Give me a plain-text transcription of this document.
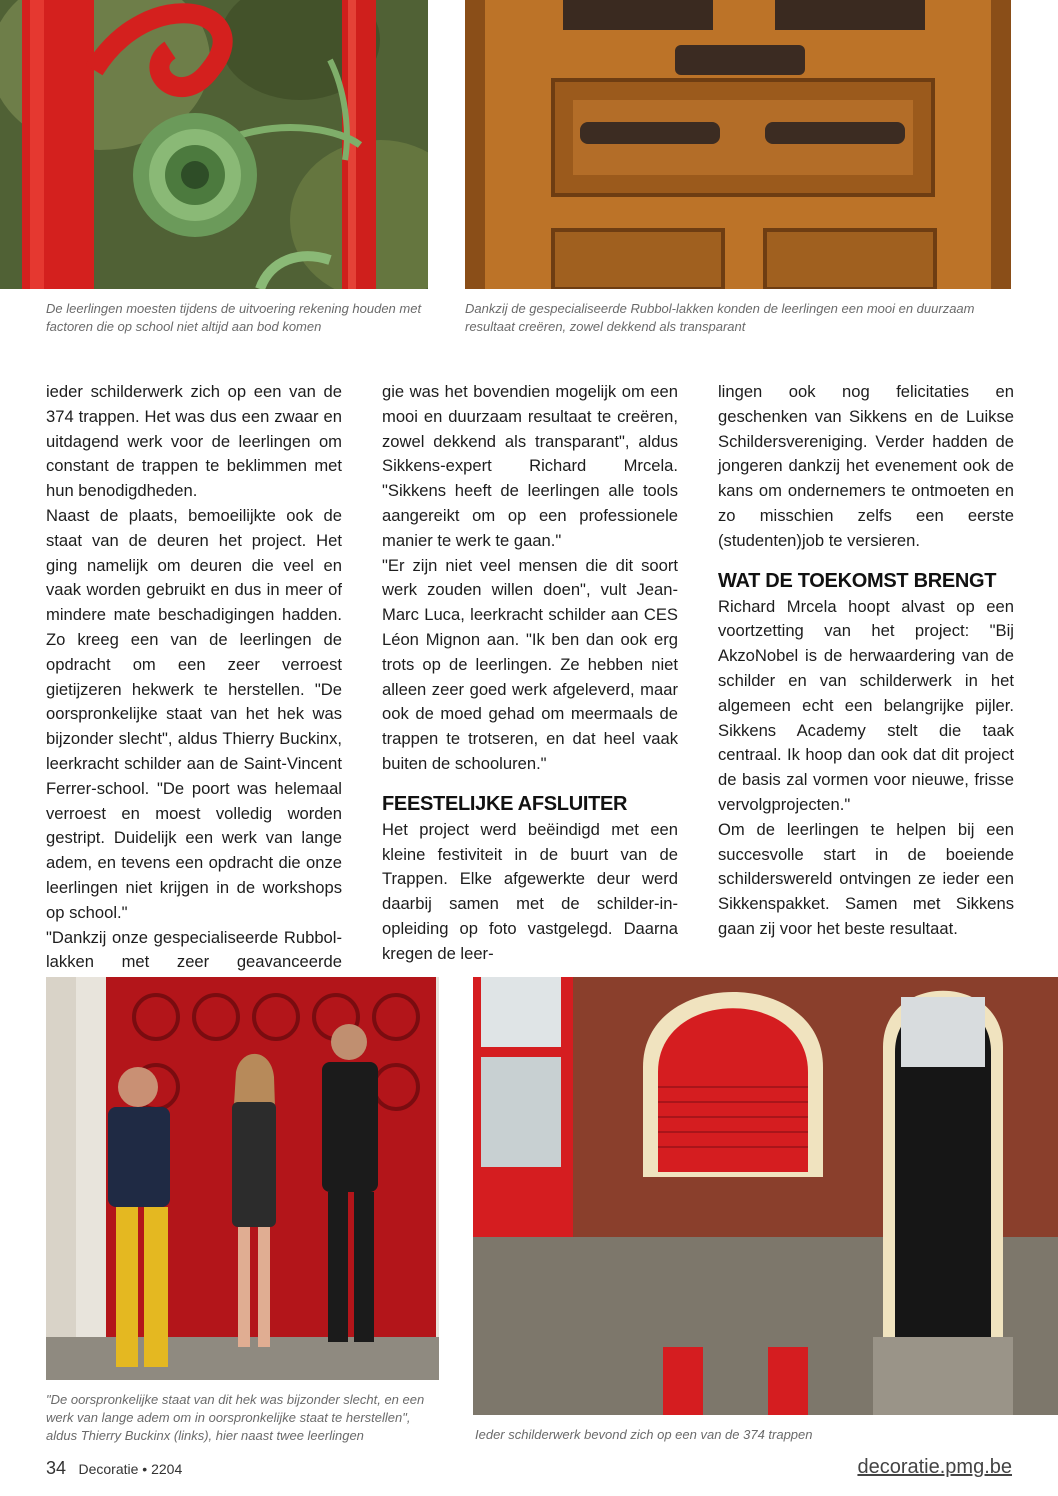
De leerlingen moesten tijdens de uitvoering rekening houden met factoren die op school niet altijd aan bod komen
Dankzij de gespecialiseerde Rubbol-lakken konden de leerlingen een mooi en duurzaam resultaat creëren, zowel dekkend als transparant

ieder schilderwerk zich op een van de 374 trappen. Het was dus een zwaar en uitdagend werk voor de leerlingen om constant de trappen te beklimmen met hun benodigdheden.

Naast de plaats, bemoeilijkte ook de staat van de deuren het project. Het ging namelijk om deuren die veel en vaak worden gebruikt en dus in meer of mindere mate beschadigingen hadden. Zo kreeg een van de leerlingen de opdracht om een zeer verroest gietijzeren hekwerk te herstellen. "De oorspronkelijke staat van het hek was bijzonder slecht", aldus Thierry Buckinx, leerkracht schilder aan de Saint-Vincent Ferrer-school. "De poort was helemaal verroest en moest volledig worden gestript. Duidelijk een werk van lange adem, en tevens een opdracht die onze leerlingen niet krijgen in de workshops op school."

"Dankzij onze gespecialiseerde Rubbol-lakken met zeer geavanceerde

gie was het bovendien mogelijk om een mooi en duurzaam resultaat te creëren, zowel dekkend als transparant", aldus Sikkens-expert Richard Mrcela. "Sikkens heeft de leerlingen alle tools aangereikt om op een professionele manier te werk te gaan."

"Er zijn niet veel mensen die dit soort werk zouden willen doen", vult Jean-Marc Luca, leerkracht schilder aan CES Léon Mignon aan. "Ik ben dan ook erg trots op de leerlingen. Ze hebben niet alleen zeer goed werk afgeleverd, maar ook de moed gehad om meermaals de trappen te trotseren, en dat heel vaak buiten de schooluren."

FEESTELIJKE AFSLUITER

Het project werd beëindigd met een kleine festiviteit in de buurt van de Trappen. Elke afgewerkte deur werd daarbij samen met de schilder-in-opleiding op foto vastgelegd. Daarna kregen de leer-

lingen ook nog felicitaties en geschenken van Sikkens en de Luikse Schildersvereniging. Verder hadden de jongeren dankzij het evenement ook de kans om ondernemers te ontmoeten en zo misschien zelfs een eerste (studenten)job te versieren.

WAT DE TOEKOMST BRENGT

Richard Mrcela hoopt alvast op een voortzetting van het project: "Bij AkzoNobel is de herwaardering van de schilder en van schilderwerk in het algemeen echt een belangrijke pijler. Sikkens Academy stelt die taak centraal. Ik hoop dan ook dat dit project de basis zal vormen voor nieuwe, frisse vervolgprojecten."

Om de leerlingen te helpen bij een succesvolle start in de boeiende schilderswereld ontvingen ze ieder een Sikkenspakket. Samen met Sikkens gaan zij voor het beste resultaat.

"De oorspronkelijke staat van dit hek was bijzonder slecht, en een werk van lange adem om in oorspronkelijke staat te herstellen", aldus Thierry Buckinx (links), hier naast twee leerlingen	Ieder schilderwerk bevond zich op een van de 374 trappen
34 Decoratie • 2204	decoratie.pmg.be
